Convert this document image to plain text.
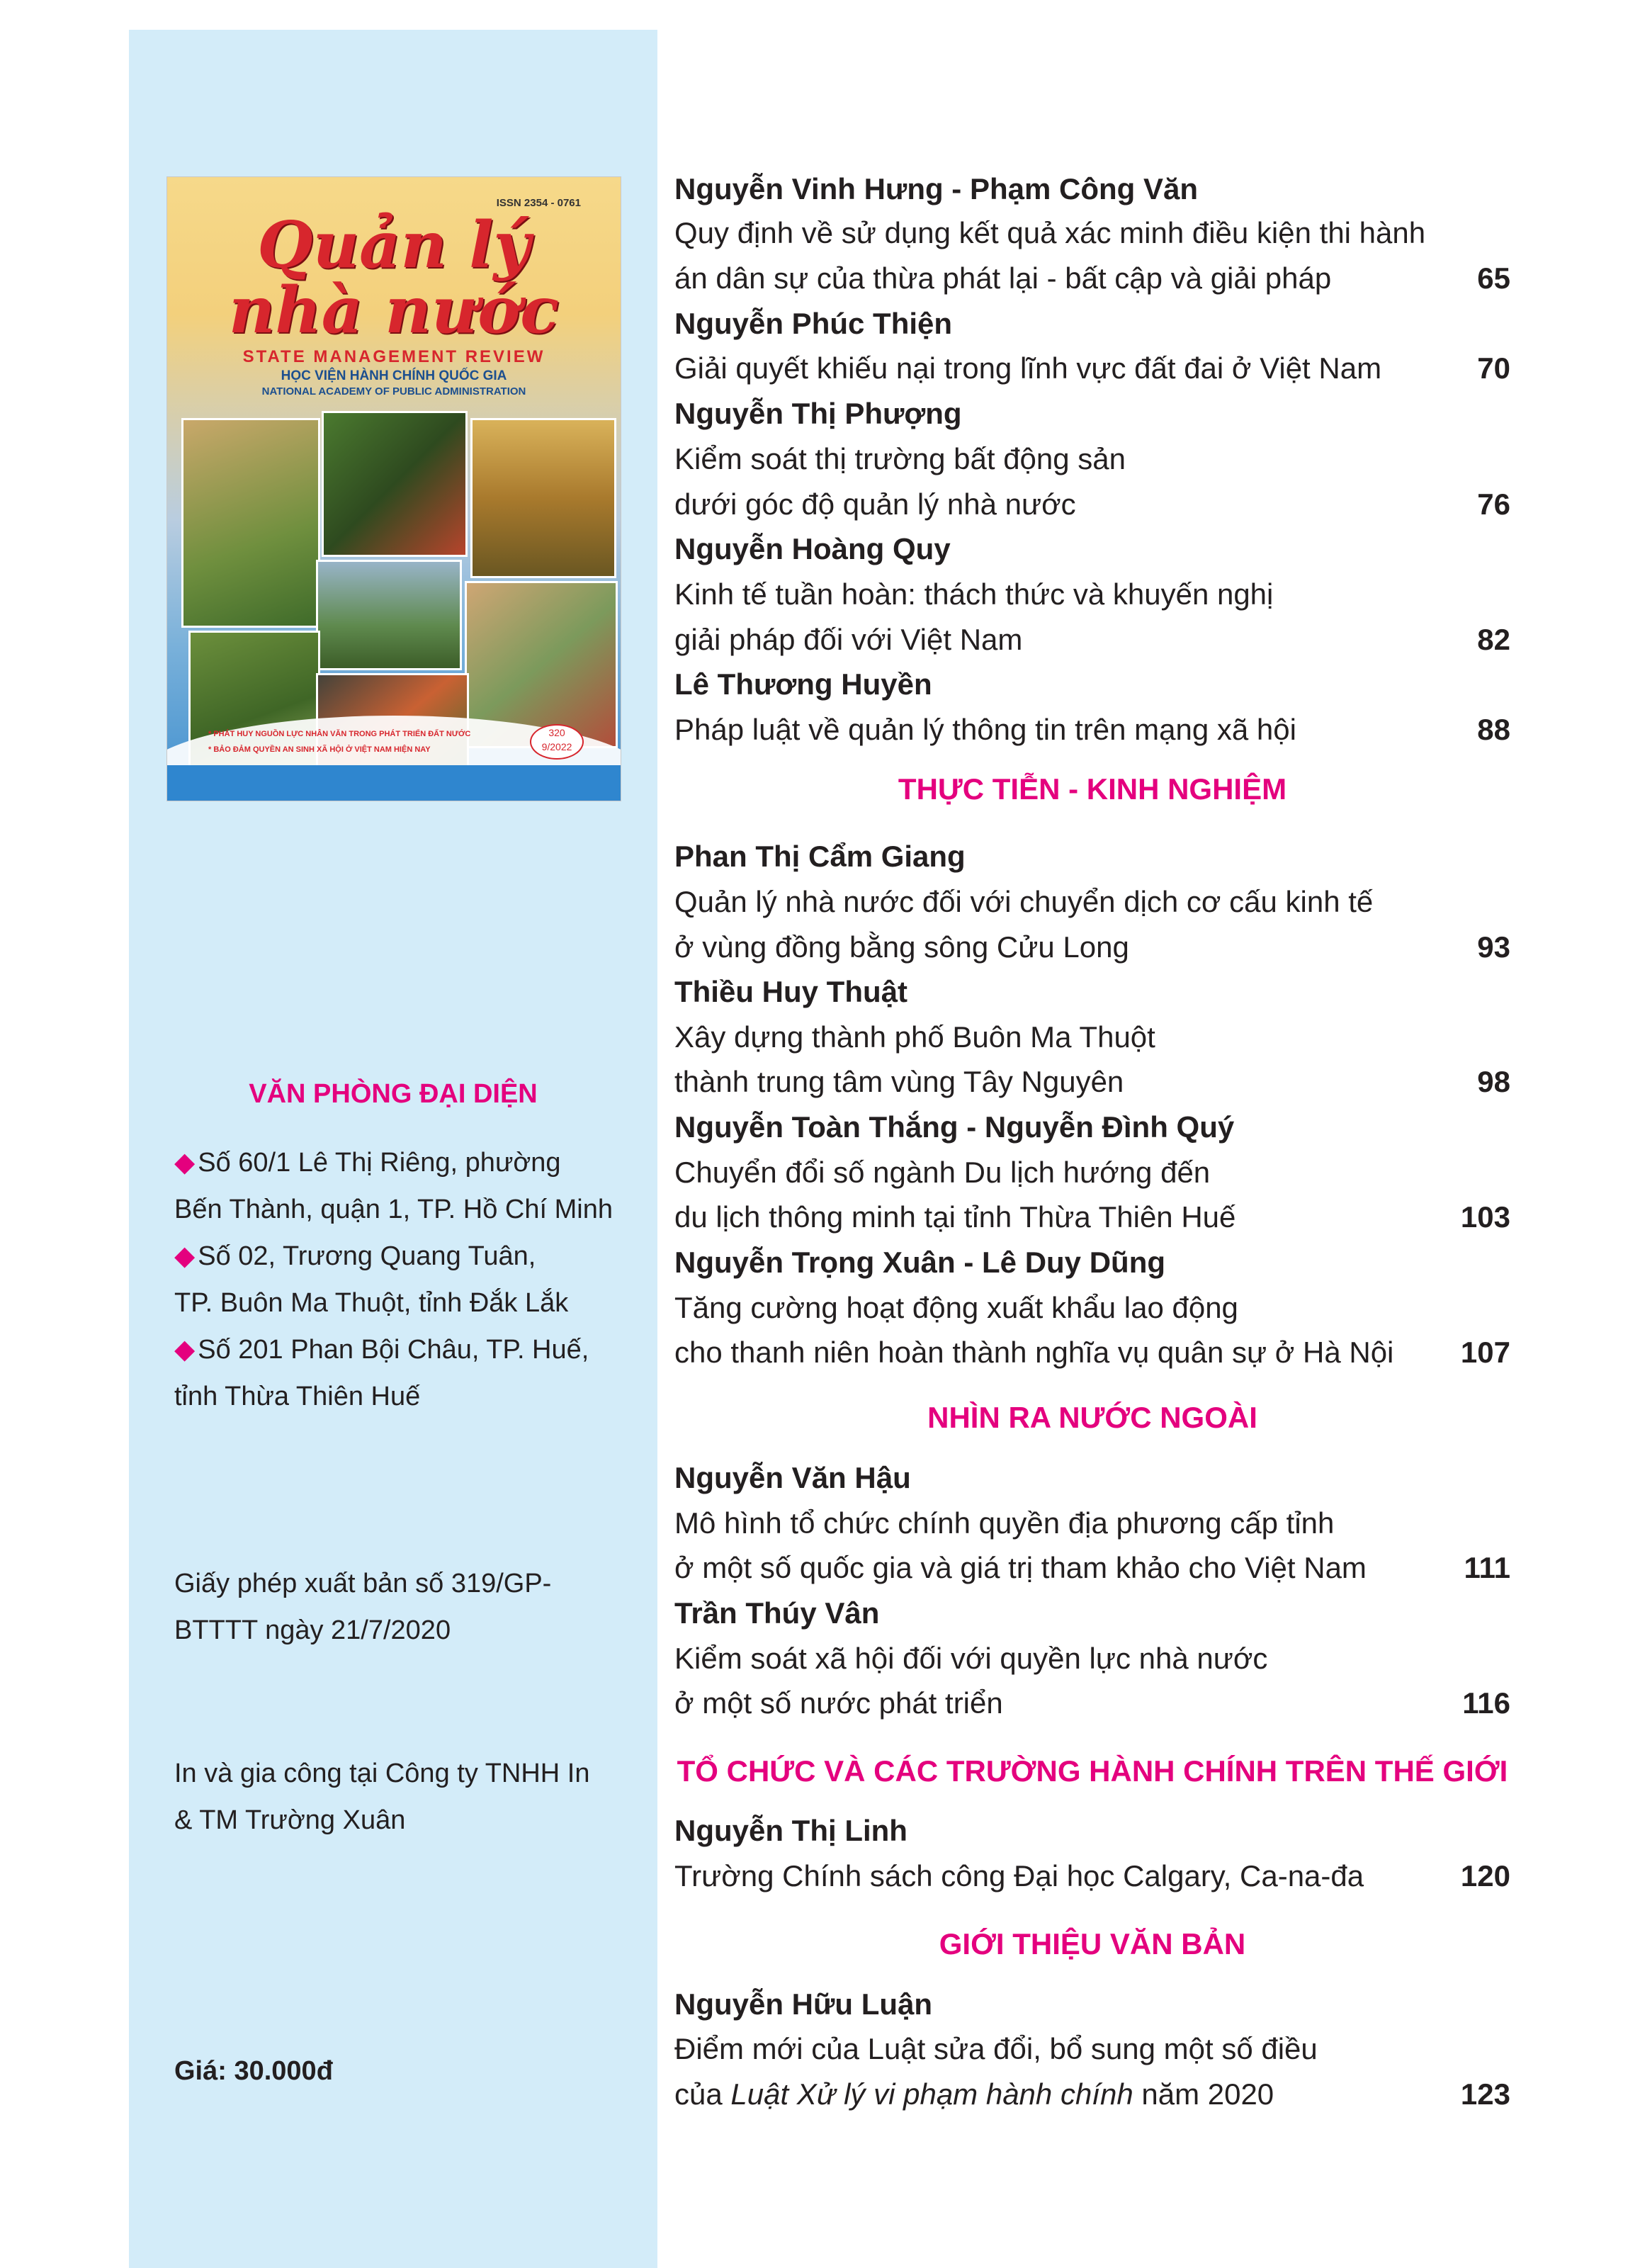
ISSN 2354 - 0761
Quản lý
nhà nước
STATE MANAGEMENT REVIEW
HỌC VIỆN HÀNH CHÍNH QUỐC GIA
NATIONAL ACADEMY OF PUBLIC ADMINISTRATION
* PHÁT HUY NGUỒN LỰC NHÂN VĂN TRONG PHÁT TRIỂN ĐẤT NƯỚC
* BẢO ĐẢM QUYỀN AN SINH XÃ HỘI Ở VIỆT NAM HIỆN NAY
320
9/2022
VĂN PHÒNG ĐẠI DIỆN
◆ Số 60/1 Lê Thị Riêng, phường
Bến Thành, quận 1, TP. Hồ Chí Minh
◆ Số 02, Trương Quang Tuân,
TP. Buôn Ma Thuột, tỉnh Đắk Lắk
◆ Số 201 Phan Bội Châu, TP. Huế,
tỉnh Thừa Thiên Huế
Giấy phép xuất bản số 319/GP-
BTTTT ngày 21/7/2020
In và gia công tại Công ty TNHH In
& TM Trường Xuân
Giá: 30.000đ
Nguyễn Vinh Hưng - Phạm Công Văn
Quy định về sử dụng kết quả xác minh điều kiện thi hành
án dân sự của thừa phát lại - bất cập và giải pháp	65
Nguyễn Phúc Thiện
Giải quyết khiếu nại trong lĩnh vực đất đai ở Việt Nam	70
Nguyễn Thị Phượng
Kiểm soát thị trường bất động sản
dưới góc độ quản lý nhà nước	76
Nguyễn Hoàng Quy
Kinh tế tuần hoàn: thách thức và khuyến nghị
giải pháp đối với Việt Nam	82
Lê Thương Huyền
Pháp luật về quản lý thông tin trên mạng xã hội	88
THỰC TIỄN - KINH NGHIỆM
Phan Thị Cẩm Giang
Quản lý nhà nước đối với chuyển dịch cơ cấu kinh tế
ở vùng đồng bằng sông Cửu Long	93
Thiều Huy Thuật
Xây dựng thành phố Buôn Ma Thuột
thành trung tâm vùng Tây Nguyên	98
Nguyễn Toàn Thắng - Nguyễn Đình Quý
Chuyển đổi số ngành Du lịch hướng đến
du lịch thông minh tại tỉnh Thừa Thiên Huế	103
Nguyễn Trọng Xuân - Lê Duy Dũng
Tăng cường hoạt động xuất khẩu lao động
cho thanh niên hoàn thành nghĩa vụ quân sự ở Hà Nội 107
NHÌN RA NƯỚC NGOÀI
Nguyễn Văn Hậu
Mô hình tổ chức chính quyền địa phương cấp tỉnh
ở một số quốc gia và giá trị tham khảo cho Việt Nam	111
Trần Thúy Vân
Kiểm soát xã hội đối với quyền lực nhà nước
ở một số nước phát triển	116
TỔ CHỨC VÀ CÁC TRƯỜNG HÀNH CHÍNH TRÊN THẾ GIỚI
Nguyễn Thị Linh
Trường Chính sách công Đại học Calgary, Ca-na-đa	120
GIỚI THIỆU VĂN BẢN
Nguyễn Hữu Luận
Điểm mới của Luật sửa đổi, bổ sung một số điều
của Luật Xử lý vi phạm hành chính năm 2020	123
